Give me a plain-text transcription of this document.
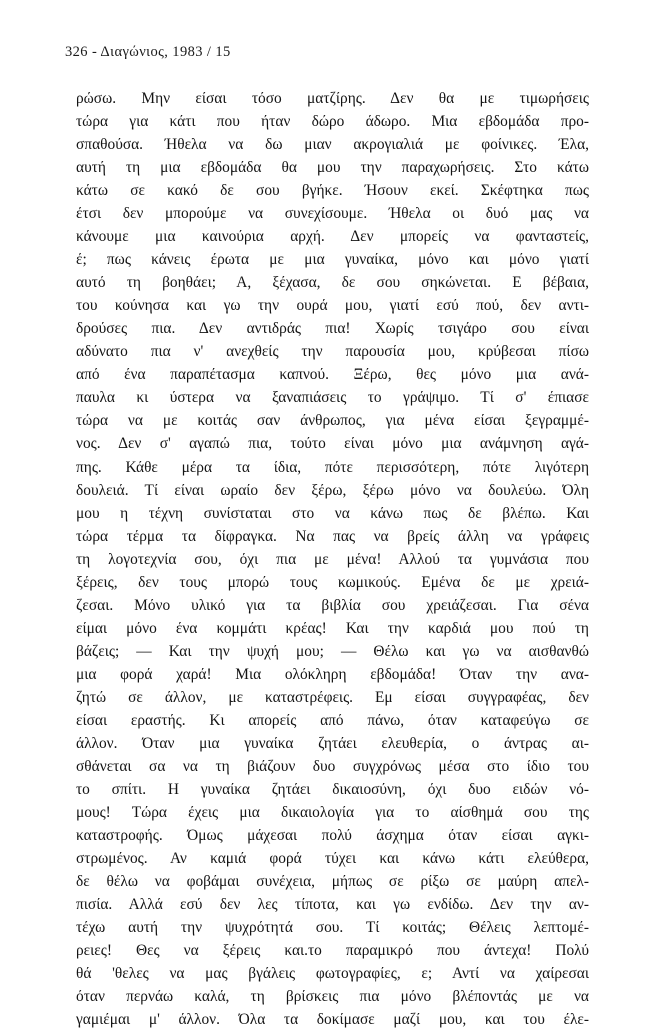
326 - Διαγώνιος, 1983 / 15

ρώσω. Μην είσαι τόσο ματζίρης. Δεν θα με τιμωρήσεις
τώρα για κάτι που ήταν δώρο άδωρο. Μια εβδομάδα προ-
σπαθούσα. Ήθελα να δω μιαν ακρογιαλιά με φοίνικες. Έλα,
αυτή τη μια εβδομάδα θα μου την παραχωρήσεις. Στο κάτω
κάτω σε κακό δε σου βγήκε. Ήσουν εκεί. Σκέφτηκα πως
έτσι δεν μπορούμε να συνεχίσουμε. Ήθελα οι δυό μας να
κάνουμε μια καινούρια αρχή. Δεν μπορείς να φανταστείς,
έ; πως κάνεις έρωτα με μια γυναίκα, μόνο και μόνο γιατί
αυτό τη βοηθάει; Α, ξέχασα, δε σου σηκώνεται. Ε βέβαια,
του κούνησα και γω την ουρά μου, γιατί εσύ πού, δεν αντι-
δρούσες πια. Δεν αντιδράς πια! Χωρίς τσιγάρο σου είναι
αδύνατο πια ν' ανεχθείς την παρουσία μου, κρύβεσαι πίσω
από ένα παραπέτασμα καπνού. Ξέρω, θες μόνο μια ανά-
παυλα κι ύστερα να ξαναπιάσεις το γράψιμο. Τί σ' έπιασε
τώρα να με κοιτάς σαν άνθρωπος, για μένα είσαι ξεγραμμέ-
νος. Δεν σ' αγαπώ πια, τούτο είναι μόνο μια ανάμνηση αγά-
πης. Κάθε μέρα τα ίδια, πότε περισσότερη, πότε λιγότερη
δουλειά. Τί είναι ωραίο δεν ξέρω, ξέρω μόνο να δουλεύω. Όλη
μου η τέχνη συνίσταται στο να κάνω πως δε βλέπω. Και
τώρα τέρμα τα δίφραγκα. Να πας να βρείς άλλη να γράφεις
τη λογοτεχνία σου, όχι πια με μένα! Αλλού τα γυμνάσια που
ξέρεις, δεν τους μπορώ τους κωμικούς. Εμένα δε με χρειά-
ζεσαι. Μόνο υλικό για τα βιβλία σου χρειάζεσαι. Για σένα
είμαι μόνο ένα κομμάτι κρέας! Και την καρδιά μου πού τη
βάζεις; — Και την ψυχή μου; — Θέλω και γω να αισθανθώ
μια φορά χαρά! Μια ολόκληρη εβδομάδα! Όταν την ανα-
ζητώ σε άλλον, με καταστρέφεις. Εμ είσαι συγγραφέας, δεν
είσαι εραστής. Κι απορείς από πάνω, όταν καταφεύγω σε
άλλον. Όταν μια γυναίκα ζητάει ελευθερία, ο άντρας αι-
σθάνεται σα να τη βιάζουν δυο συγχρόνως μέσα στο ίδιο του
το σπίτι. Η γυναίκα ζητάει δικαιοσύνη, όχι δυο ειδών νό-
μους! Τώρα έχεις μια δικαιολογία για το αίσθημά σου της
καταστροφής. Όμως μάχεσαι πολύ άσχημα όταν είσαι αγκι-
στρωμένος. Αν καμιά φορά τύχει και κάνω κάτι ελεύθερα,
δε θέλω να φοβάμαι συνέχεια, μήπως σε ρίξω σε μαύρη απελ-
πισία. Αλλά εσύ δεν λες τίποτα, και γω ενδίδω. Δεν την αν-
τέχω αυτή την ψυχρότητά σου. Τί κοιτάς; Θέλεις λεπτομέ-
ρειες! Θες να ξέρεις και.το παραμικρό που άντεχα! Πολύ
θά 'θελες να μας βγάλεις φωτογραφίες, ε; Αντί να χαίρεσαι
όταν περνάω καλά, τη βρίσκεις πια μόνο βλέποντάς με να
γαμιέμαι μ' άλλον. Όλα τα δοκίμασε μαζί μου, και του έλε-
